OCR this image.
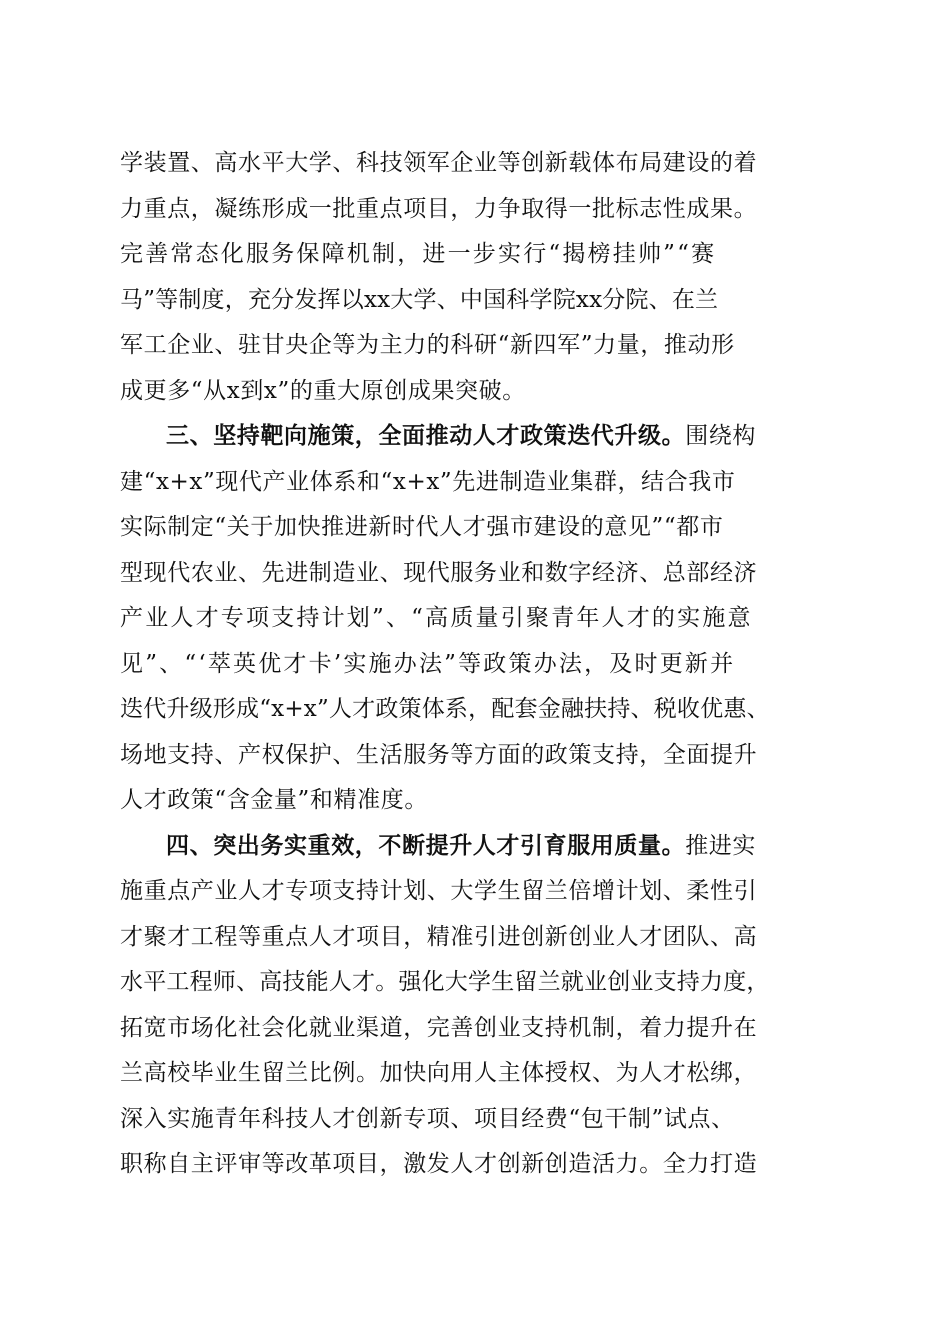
学装置、高水平大学、科技领军企业等创新载体布局建设的着
力重点，凝练形成一批重点项目，力争取得一批标志性成果。
完善常态化服务保障机制，进一步实行“揭榜挂帅”“赛
马”等制度，充分发挥以xx大学、中国科学院xx分院、在兰
军工企业、驻甘央企等为主力的科研“新四军”力量，推动形
成更多“从x到x”的重大原创成果突破。
三、坚持靶向施策，全面推动人才政策迭代升级。围绕构
建“x+x”现代产业体系和“x+x”先进制造业集群，结合我市
实际制定“关于加快推进新时代人才强市建设的意见”“都市
型现代农业、先进制造业、现代服务业和数字经济、总部经济
产业人才专项支持计划”、“高质量引聚青年人才的实施意
见”、“‘萃英优才卡’实施办法”等政策办法，及时更新并
迭代升级形成“x+x”人才政策体系，配套金融扶持、税收优惠、
场地支持、产权保护、生活服务等方面的政策支持，全面提升
人才政策“含金量”和精准度。
四、突出务实重效，不断提升人才引育服用质量。推进实
施重点产业人才专项支持计划、大学生留兰倍增计划、柔性引
才聚才工程等重点人才项目，精准引进创新创业人才团队、高
水平工程师、高技能人才。强化大学生留兰就业创业支持力度，
拓宽市场化社会化就业渠道，完善创业支持机制，着力提升在
兰高校毕业生留兰比例。加快向用人主体授权、为人才松绑，
深入实施青年科技人才创新专项、项目经费“包干制”试点、
职称自主评审等改革项目，激发人才创新创造活力。全力打造
